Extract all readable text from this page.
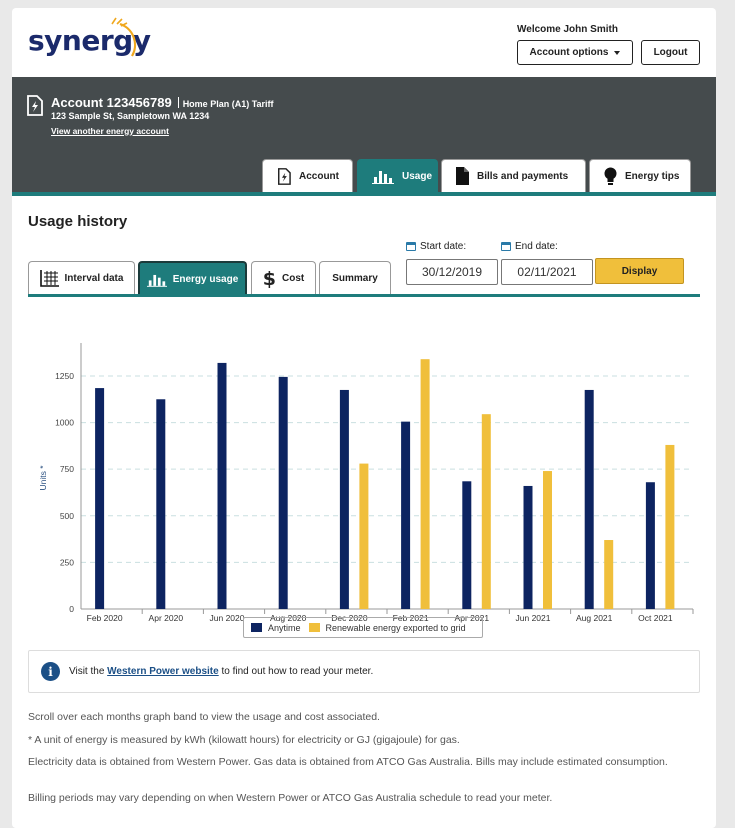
synergy	Welcome John Smith
Account options	Logout
Account 123456789 Home Plan (A1) Tariff
123 Sample St, Sampletown WA 1234
View another energy account
Account	Usage	Bills and payments	Energy tips
Usage history
Start date:	End date:
30/12/2019	02/11/2021	Display
Interval data	Energy usage $ Cost	Summary
0
250
500
750
1000
1250
Units *
Feb 2020	Apr 2020	Jun 2020	Aug 2020	Dec 2020	Feb 2021	Apr 2021	Jun 2021	Aug 2021	Oct 2021
Anytime	Renewable energy exported to grid
i	Visit the Western Power website to find out how to read your meter.
Scroll over each months graph band to view the usage and cost associated.
* A unit of energy is measured by kWh (kilowatt hours) for electricity or GJ (gigajoule) for gas.
Electricity data is obtained from Western Power. Gas data is obtained from ATCO Gas Australia. Bills may include estimated consumption.
Billing periods may vary depending on when Western Power or ATCO Gas Australia schedule to read your meter.
